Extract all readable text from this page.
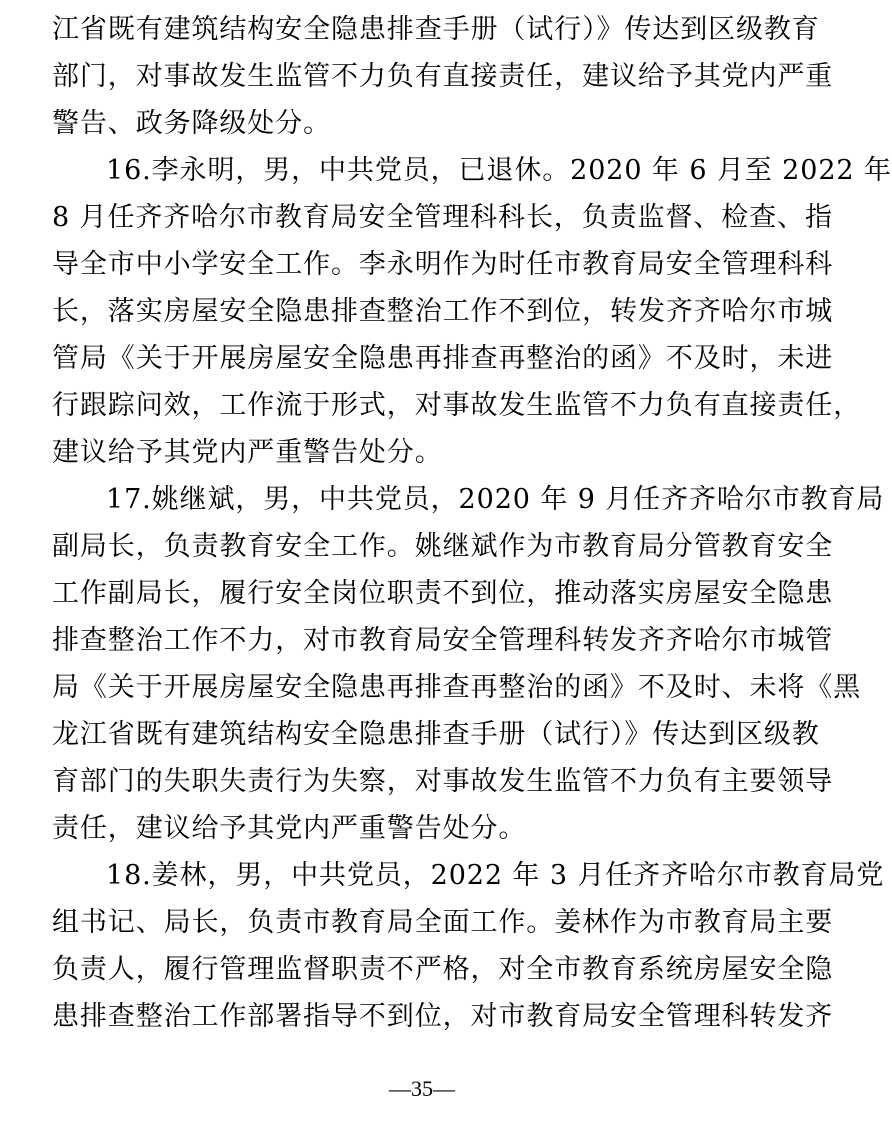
江省既有建筑结构安全隐患排查手册（试行）》传达到区级教育
部门，对事故发生监管不力负有直接责任，建议给予其党内严重
警告、政务降级处分。
16.李永明，男，中共党员，已退休。2020 年 6 月至 2022 年
8 月任齐齐哈尔市教育局安全管理科科长，负责监督、检查、指
导全市中小学安全工作。李永明作为时任市教育局安全管理科科
长，落实房屋安全隐患排查整治工作不到位，转发齐齐哈尔市城
管局《关于开展房屋安全隐患再排查再整治的函》不及时，未进
行跟踪问效，工作流于形式，对事故发生监管不力负有直接责任，
建议给予其党内严重警告处分。
17.姚继斌，男，中共党员，2020 年 9 月任齐齐哈尔市教育局
副局长，负责教育安全工作。姚继斌作为市教育局分管教育安全
工作副局长，履行安全岗位职责不到位，推动落实房屋安全隐患
排查整治工作不力，对市教育局安全管理科转发齐齐哈尔市城管
局《关于开展房屋安全隐患再排查再整治的函》不及时、未将《黑
龙江省既有建筑结构安全隐患排查手册（试行）》传达到区级教
育部门的失职失责行为失察，对事故发生监管不力负有主要领导
责任，建议给予其党内严重警告处分。
18.姜林，男，中共党员，2022 年 3 月任齐齐哈尔市教育局党
组书记、局长，负责市教育局全面工作。姜林作为市教育局主要
负责人，履行管理监督职责不严格，对全市教育系统房屋安全隐
患排查整治工作部署指导不到位，对市教育局安全管理科转发齐
—35—
